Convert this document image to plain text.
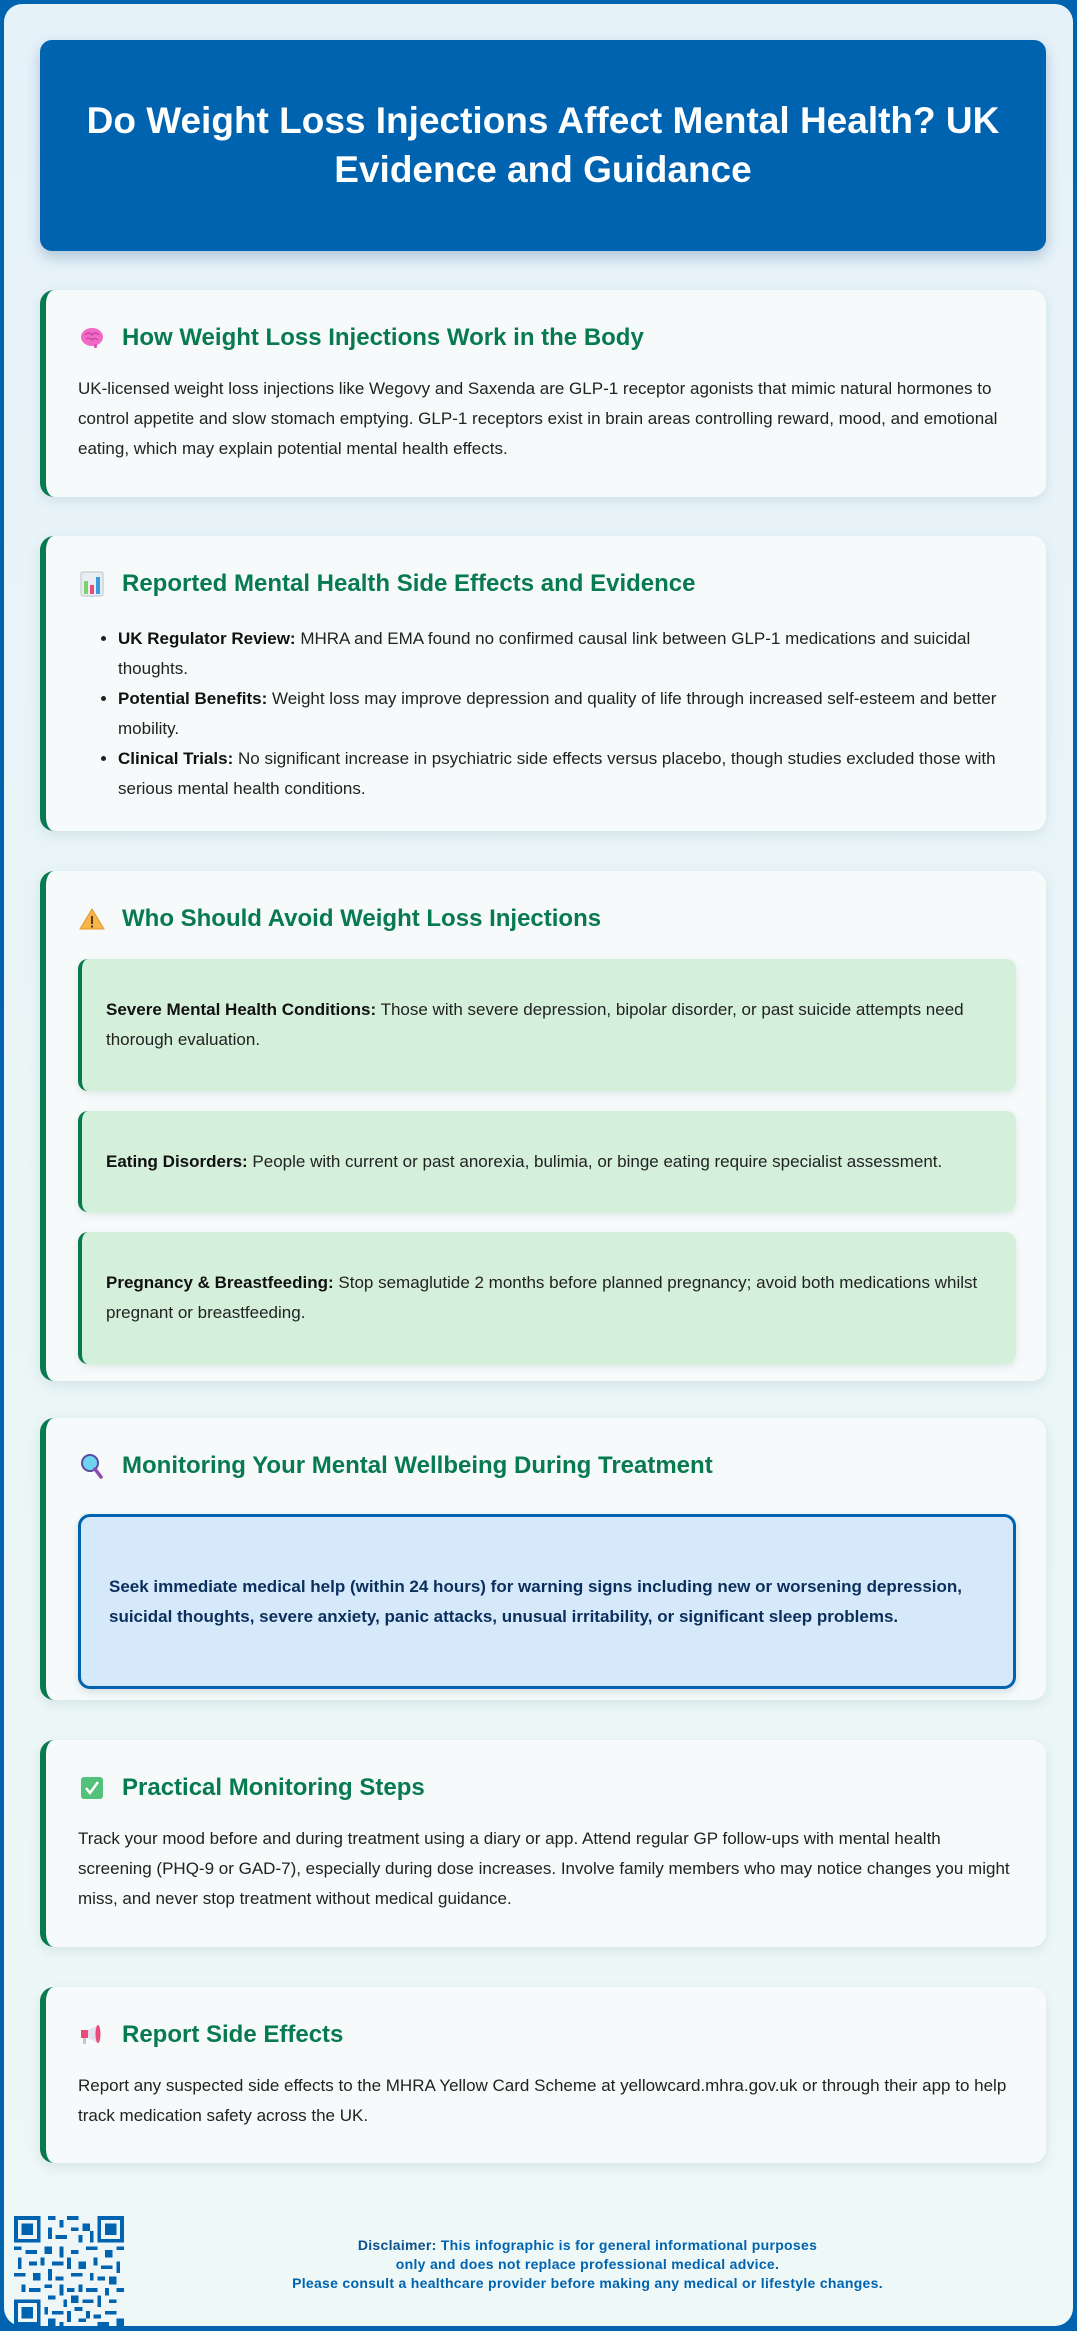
Do Weight Loss Injections Affect Mental Health? UK Evidence and Guidance
How Weight Loss Injections Work in the Body

UK-licensed weight loss injections like Wegovy and Saxenda are GLP-1 receptor agonists that mimic natural hormones to control appetite and slow stomach emptying. GLP-1 receptors exist in brain areas controlling reward, mood, and emotional eating, which may explain potential mental health effects.

Reported Mental Health Side Effects and Evidence
• UK Regulator Review: MHRA and EMA found no confirmed causal link between GLP-1 medications and suicidal thoughts.
• Potential Benefits: Weight loss may improve depression and quality of life through increased self-esteem and better mobility.
• Clinical Trials: No significant increase in psychiatric side effects versus placebo, though studies excluded those with serious mental health conditions.
Who Should Avoid Weight Loss Injections
Severe Mental Health Conditions: Those with severe depression, bipolar disorder, or past suicide attempts need thorough evaluation.
Eating Disorders: People with current or past anorexia, bulimia, or binge eating require specialist assessment.
Pregnancy & Breastfeeding: Stop semaglutide 2 months before planned pregnancy; avoid both medications whilst pregnant or breastfeeding.
Monitoring Your Mental Wellbeing During Treatment
Seek immediate medical help (within 24 hours) for warning signs including new or worsening depression, suicidal thoughts, severe anxiety, panic attacks, unusual irritability, or significant sleep problems.
Practical Monitoring Steps

Track your mood before and during treatment using a diary or app. Attend regular GP follow-ups with mental health screening (PHQ-9 or GAD-7), especially during dose increases. Involve family members who may notice changes you might miss, and never stop treatment without medical guidance.

Report Side Effects

Report any suspected side effects to the MHRA Yellow Card Scheme at yellowcard.mhra.gov.uk or through their app to help track medication safety across the UK.

Disclaimer: This infographic is for general informational purposes
only and does not replace professional medical advice.
Please consult a healthcare provider before making any medical or lifestyle changes.
